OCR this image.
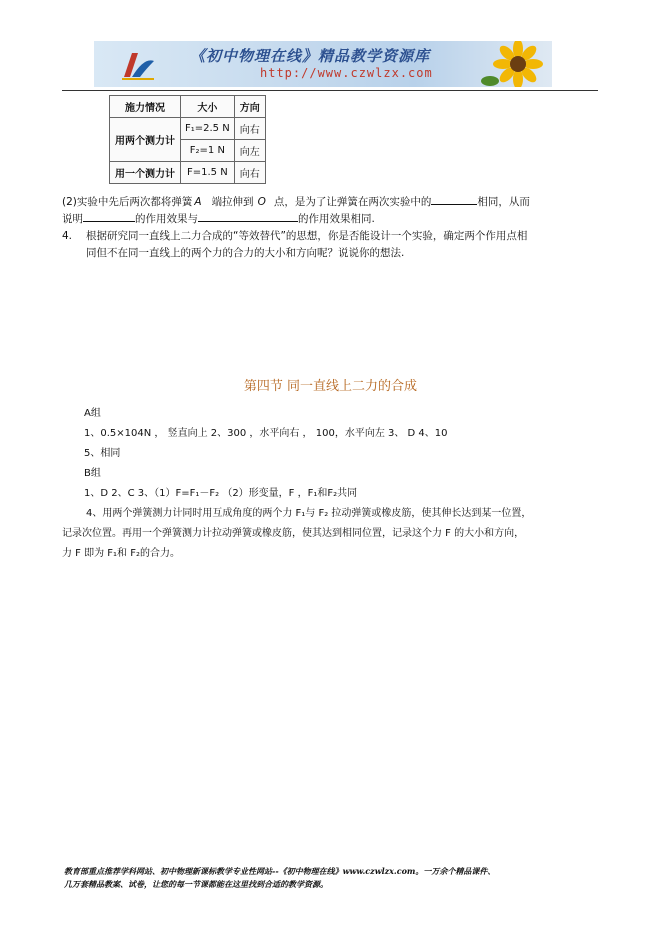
《初中物理在线》精品教学资源库
http://www.czwlzx.com
施力情况	大小	方向
用两个测力计	F₁=2.5 N	向右
	F₂=1 N	向左
用一个测力计	F=1.5 N	向右
(2)实验中先后两次都将弹簧 A 端拉伸到 O 点，是为了让弹簧在两次实验中的	相同，从而
说明	的作用效果与	的作用效果相同.
4. 根据研究同一直线上二力合成的“等效替代”的思想，你是否能设计一个实验，确定两个作用点相
同但不在同一直线上的两个力的合力的大小和方向呢？说说你的想法.
第四节 同一直线上二力的合成
A组
1、0.5×104N ， 竖直向上 2、300 ，水平向右 ， 100，水平向左 3、 D 4、10
5、相同
B组
1、D 2、C 3、（1）F=F₁－F₂ （2）形变量，F ，F₁和F₂共同
4、用两个弹簧测力计同时用互成角度的两个力 F₁与 F₂ 拉动弹簧或橡皮筋，使其伸长达到某一位置，
记录次位置。再用一个弹簧测力计拉动弹簧或橡皮筋，使其达到相同位置，记录这个力 F 的大小和方向，
力 F 即为 F₁和 F₂的合力。
教育部重点推荐学科网站、初中物理新课标教学专业性网站--《初中物理在线》www.czwlzx.com。一万余个精品课件、
几万套精品教案、试卷，让您的每一节课都能在这里找到合适的教学资源。
